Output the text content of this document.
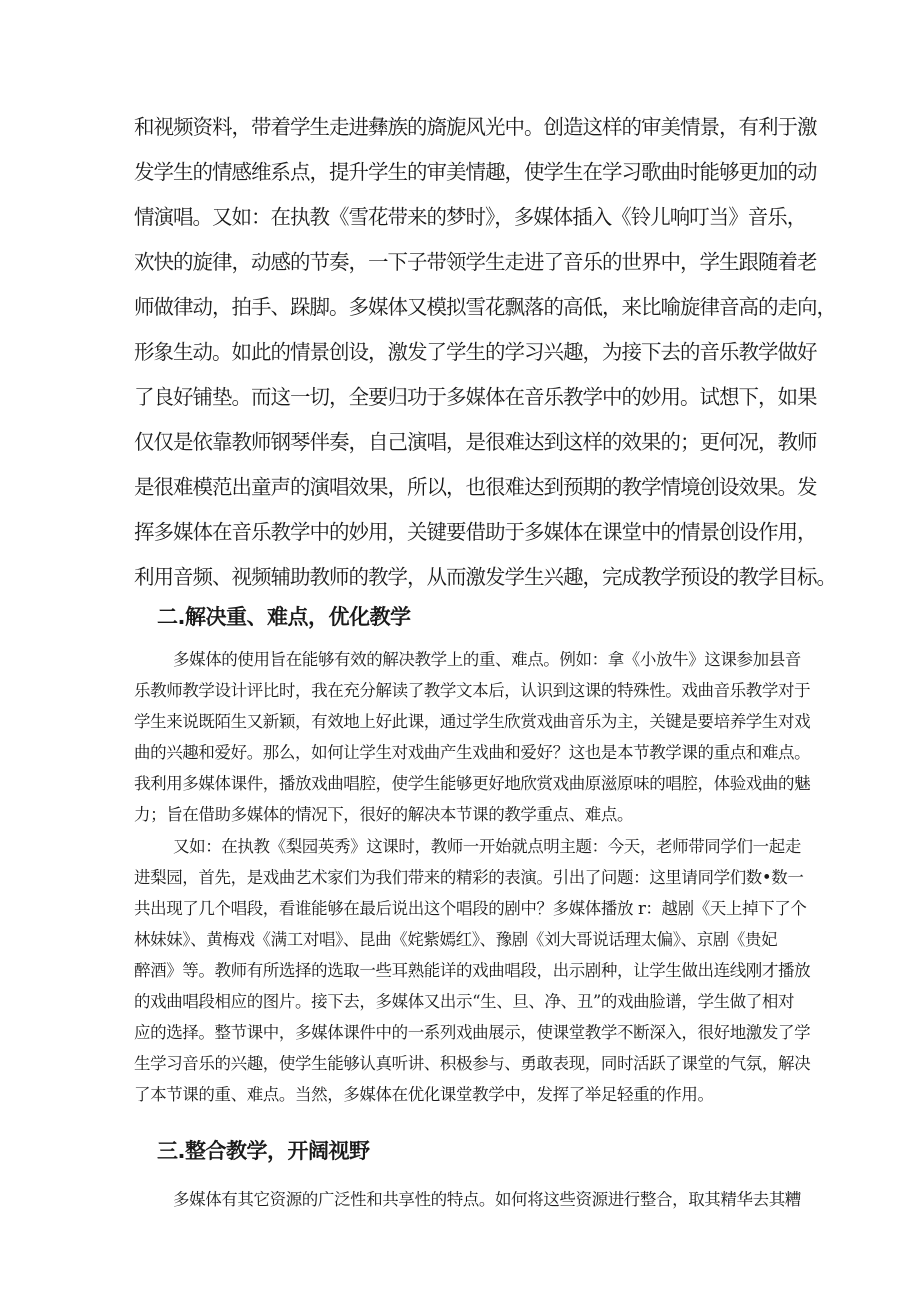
和视频资料，带着学生走进彝族的旖旎风光中。创造这样的审美情景，有利于激
发学生的情感维系点，提升学生的审美情趣，使学生在学习歌曲时能够更加的动
情演唱。又如：在执教《雪花带来的梦时》，多媒体插入《铃儿响叮当》音乐，
欢快的旋律，动感的节奏，一下子带领学生走进了音乐的世界中，学生跟随着老
师做律动，拍手、跺脚。多媒体又模拟雪花飘落的高低，来比喻旋律音高的走向，
形象生动。如此的情景创设，激发了学生的学习兴趣，为接下去的音乐教学做好
了良好铺垫。而这一切，全要归功于多媒体在音乐教学中的妙用。试想下，如果
仅仅是依靠教师钢琴伴奏，自己演唱，是很难达到这样的效果的；更何况，教师
是很难模范出童声的演唱效果，所以，也很难达到预期的教学情境创设效果。发
挥多媒体在音乐教学中的妙用，关键要借助于多媒体在课堂中的情景创设作用，
利用音频、视频辅助教师的教学，从而激发学生兴趣，完成教学预设的教学目标。
二.解决重、难点，优化教学
多媒体的使用旨在能够有效的解决教学上的重、难点。例如：拿《小放牛》这课参加县音
乐教师教学设计评比时，我在充分解读了教学文本后，认识到这课的特殊性。戏曲音乐教学对于
学生来说既陌生又新颖，有效地上好此课，通过学生欣赏戏曲音乐为主，关键是要培养学生对戏
曲的兴趣和爱好。那么，如何让学生对戏曲产生戏曲和爱好？这也是本节教学课的重点和难点。
我利用多媒体课件，播放戏曲唱腔，使学生能够更好地欣赏戏曲原滋原味的唱腔，体验戏曲的魅
力；旨在借助多媒体的情况下，很好的解决本节课的教学重点、难点。
又如：在执教《梨园英秀》这课时，教师一开始就点明主题：今天，老师带同学们一起走
进梨园，首先，是戏曲艺术家们为我们带来的精彩的表演。引出了问题：这里请同学们数•数一
共出现了几个唱段，看谁能够在最后说出这个唱段的剧中？多媒体播放 r：越剧《天上掉下了个
林妹妹》、黄梅戏《满工对唱》、昆曲《姹紫嫣红》、豫剧《刘大哥说话理太偏》、京剧《贵妃
醉酒》等。教师有所选择的选取一些耳熟能详的戏曲唱段，出示剧种，让学生做出连线刚才播放
的戏曲唱段相应的图片。接下去，多媒体又出示“生、旦、净、丑”的戏曲脸谱，学生做了相对
应的选择。整节课中，多媒体课件中的一系列戏曲展示，使课堂教学不断深入，很好地激发了学
生学习音乐的兴趣，使学生能够认真听讲、积极参与、勇敢表现，同时活跃了课堂的气氛，解决
了本节课的重、难点。当然，多媒体在优化课堂教学中，发挥了举足轻重的作用。
三.整合教学，开阔视野
多媒体有其它资源的广泛性和共享性的特点。如何将这些资源进行整合，取其精华去其糟
